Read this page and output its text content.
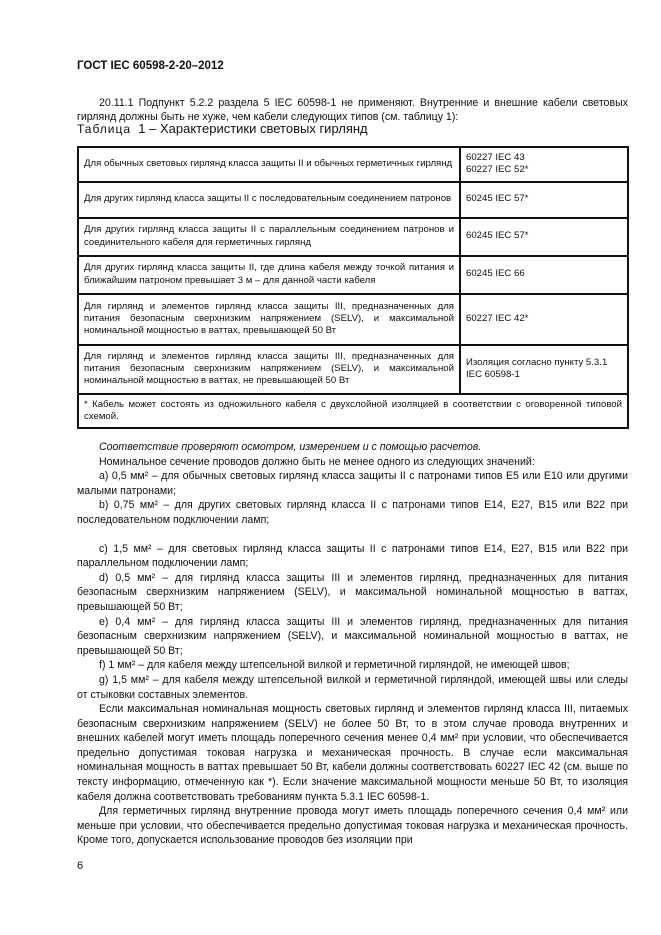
ГОСТ IEC 60598-2-20–2012

20.11.1 Подпункт 5.2.2 раздела 5 IEC 60598-1 не применяют. Внутренние и внешние кабели световых гирлянд должны быть не хуже, чем кабели следующих типов (см. таблицу 1):

Таблица 1 – Характеристики световых гирлянд
Для обычных световых гирлянд класса защиты II и обычных герметичных гирлянд	60227 IEC 43
60227 IEC 52*
Для других гирлянд класса защиты II с последовательным соединением патронов	60245 IEC 57*
Для других гирлянд класса защиты II с параллельным соединением патронов и соединительного кабеля для герметичных гирлянд	60245 IEC 57*
Для других гирлянд класса защиты II, где длина кабеля между точкой питания и ближайшим патроном превышает 3 м – для данной части кабеля	60245 IEC 66
Для гирлянд и элементов гирлянд класса защиты III, предназначенных для питания безопасным сверхнизким напряжением (SELV), и максимальной номинальной мощностью в ваттах, превышающей 50 Вт	60227 IEC 42*
Для гирлянд и элементов гирлянд класса защиты III, предназначенных для питания безопасным сверхнизким напряжением (SELV), и максимальной номинальной мощностью в ваттах, не превышающей 50 Вт	Изоляция согласно пункту 5.3.1 IEC 60598-1
* Кабель может состоять из одножильного кабеля с двухслойной изоляцией в соответствии с оговоренной типовой схемой.	

Соответствие проверяют осмотром, измерением и с помощью расчетов.

Номинальное сечение проводов должно быть не менее одного из следующих значений:

a) 0,5 мм² – для обычных световых гирлянд класса защиты II с патронами типов E5 или E10 или другими малыми патронами;

b) 0,75 мм² – для других световых гирлянд класса II с патронами типов E14, E27, B15 или B22 при последовательном подключении ламп;

c) 1,5 мм² – для световых гирлянд класса защиты II с патронами типов E14, E27, B15 или B22 при параллельном подключении ламп;

d) 0,5 мм² – для гирлянд класса защиты III и элементов гирлянд, предназначенных для питания безопасным сверхнизким напряжением (SELV), и максимальной номинальной мощностью в ваттах, превышающей 50 Вт;

e) 0,4 мм² – для гирлянд класса защиты III и элементов гирлянд, предназначенных для питания безопасным сверхнизким напряжением (SELV), и максимальной номинальной мощностью в ваттах, не превышающей 50 Вт;

f) 1 мм² – для кабеля между штепсельной вилкой и герметичной гирляндой, не имеющей швов;

g) 1,5 мм² – для кабеля между штепсельной вилкой и герметичной гирляндой, имеющей швы или следы от стыковки составных элементов.

Если максимальная номинальная мощность световых гирлянд и элементов гирлянд класса III, питаемых безопасным сверхнизким напряжением (SELV) не более 50 Вт, то в этом случае провода внутренних и внешних кабелей могут иметь площадь поперечного сечения менее 0,4 мм² при условии, что обеспечивается предельно допустимая токовая нагрузка и механическая прочность. В случае если максимальная номинальная мощность в ваттах превышает 50 Вт, кабели должны соответствовать 60227 IEC 42 (см. выше по тексту информацию, отмеченную как *). Если значение максимальной мощности меньше 50 Вт, то изоляция кабеля должна соответствовать требованиям пункта 5.3.1 IEC 60598-1.

Для герметичных гирлянд внутренние провода могут иметь площадь поперечного сечения 0,4 мм² или меньше при условии, что обеспечивается предельно допустимая токовая нагрузка и механическая прочность. Кроме того, допускается использование проводов без изоляции при

6
